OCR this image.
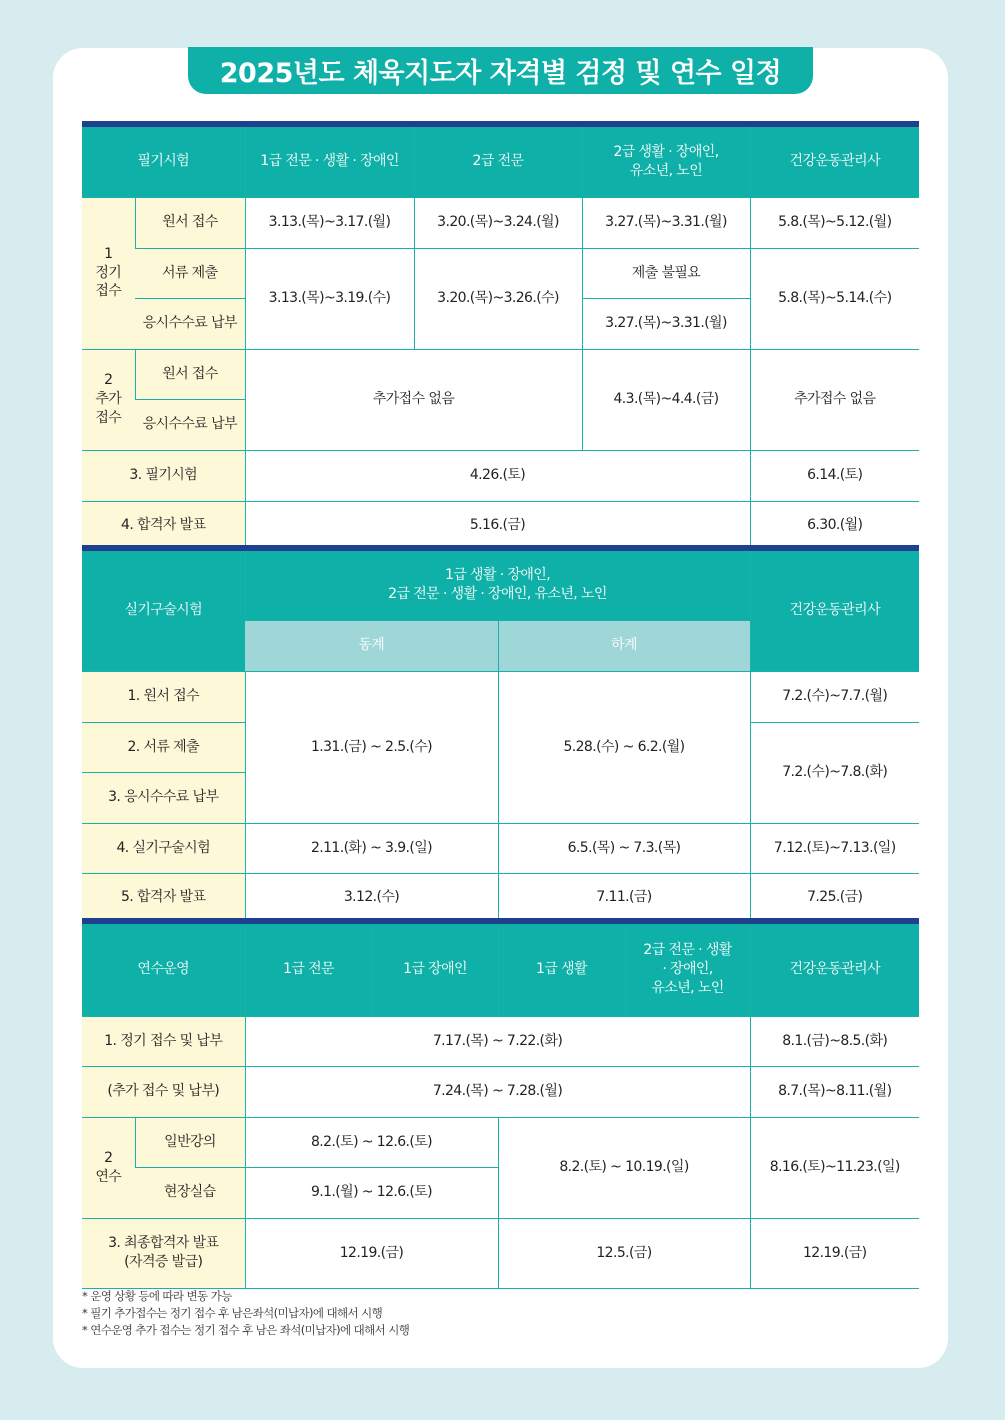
2025년도 체육지도자 자격별 검정 및 연수 일정
필기시험		1급 전문 · 생활 · 장애인	2급 전문	2급 생활 · 장애인,
유소년, 노인	건강운동관리사
1
정기
접수	원서 접수	3.13.(목)~3.17.(월)	3.20.(목)~3.24.(월)	3.27.(목)~3.31.(월)	5.8.(목)~5.12.(월)
	서류 제출	3.13.(목)~3.19.(수)	3.20.(목)~3.26.(수)	제출 불필요	5.8.(목)~5.14.(수)
	응시수수료 납부			3.27.(목)~3.31.(월)	
2
추가
접수	원서 접수	추가접수 없음		4.3.(목)~4.4.(금)	추가접수 없음
	응시수수료 납부				
3. 필기시험		4.26.(토)			6.14.(토)
4. 합격자 발표		5.16.(금)			6.30.(월)
실기구술시험	1급 생활 · 장애인,
2급 전문 · 생활 · 장애인, 유소년, 노인		건강운동관리사
	동계	하계	
1. 원서 접수	1.31.(금) ~ 2.5.(수)	5.28.(수) ~ 6.2.(월)	7.2.(수)~7.7.(월)
2. 서류 제출			7.2.(수)~7.8.(화)
3. 응시수수료 납부			
4. 실기구술시험	2.11.(화) ~ 3.9.(일)	6.5.(목) ~ 7.3.(목)	7.12.(토)~7.13.(일)
5. 합격자 발표	3.12.(수)	7.11.(금)	7.25.(금)
연수운영		1급 전문	1급 장애인	1급 생활	2급 전문 · 생활
· 장애인,
유소년, 노인	건강운동관리사
1. 정기 접수 및 납부		7.17.(목) ~ 7.22.(화)				8.1.(금)~8.5.(화)
(추가 접수 및 납부)		7.24.(목) ~ 7.28.(월)				8.7.(목)~8.11.(월)
2
연수	일반강의	8.2.(토) ~ 12.6.(토)		8.2.(토) ~ 10.19.(일)		8.16.(토)~11.23.(일)
	현장실습	9.1.(월) ~ 12.6.(토)				
3. 최종합격자 발표
(자격증 발급)		12.19.(금)		12.5.(금)		12.19.(금)
* 운영 상황 등에 따라 변동 가능
* 필기 추가접수는 정기 접수 후 남은좌석(미납자)에 대해서 시행
* 연수운영 추가 접수는 정기 접수 후 남은 좌석(미납자)에 대해서 시행
